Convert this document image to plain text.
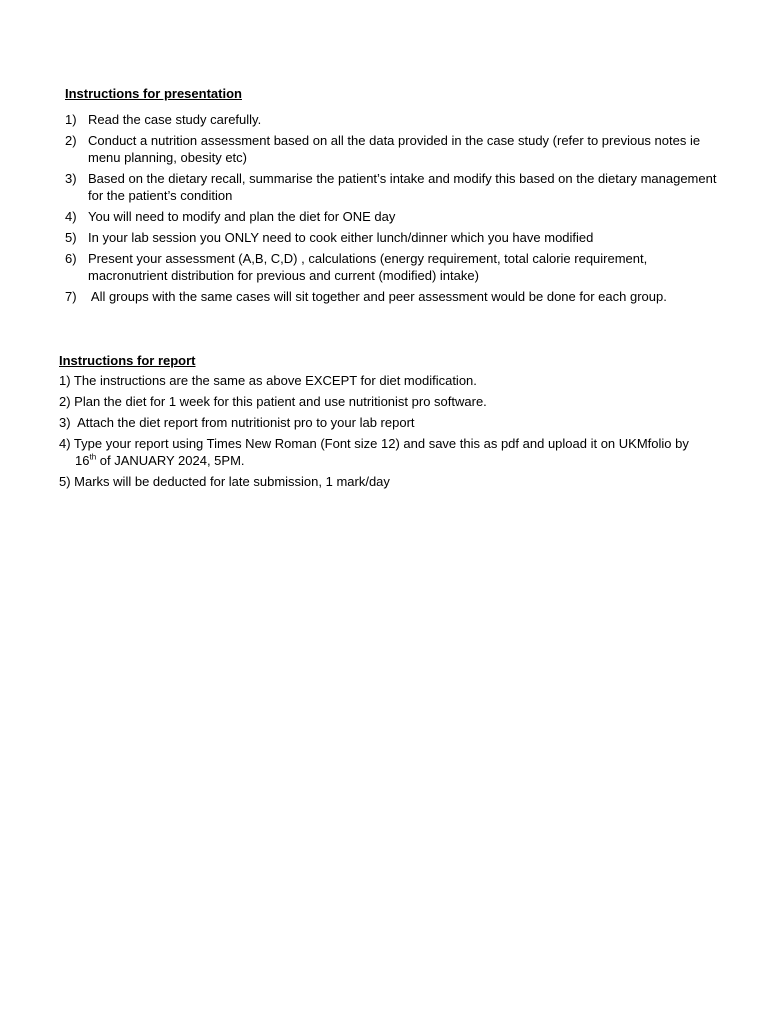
Instructions for presentation
1) Read the case study carefully.
2) Conduct a nutrition assessment based on all the data provided in the case study (refer to previous notes ie menu planning, obesity etc)
3) Based on the dietary recall, summarise the patient’s intake and modify this based on the dietary management for the patient’s condition
4) You will need to modify and plan the diet for ONE day
5) In your lab session you ONLY need to cook either lunch/dinner which you have modified
6) Present your assessment (A,B, C,D) , calculations (energy requirement, total calorie requirement, macronutrient distribution for previous and current (modified) intake)
7) All groups with the same cases will sit together and peer assessment would be done for each group.
Instructions for report
1) The instructions are the same as above EXCEPT for diet modification.
2) Plan the diet for 1 week for this patient and use nutritionist pro software.
3)  Attach the diet report from nutritionist pro to your lab report
4) Type your report using Times New Roman (Font size 12) and save this as pdf and upload it on UKMfolio by
16th of JANUARY 2024, 5PM.
5) Marks will be deducted for late submission, 1 mark/day
